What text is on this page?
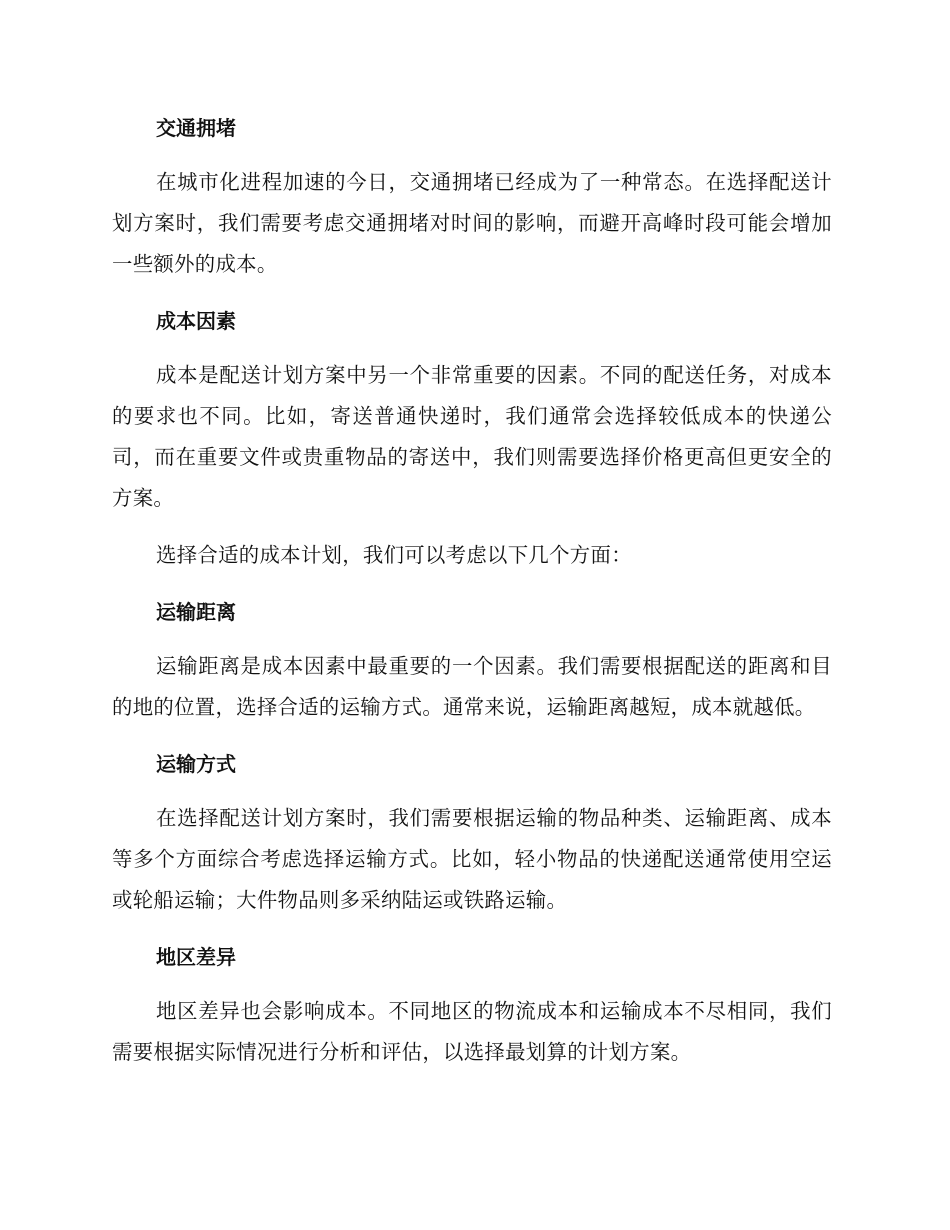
交通拥堵

在城市化进程加速的今日，交通拥堵已经成为了一种常态。在选择配送计划方案时，我们需要考虑交通拥堵对时间的影响，而避开高峰时段可能会增加一些额外的成本。

成本因素

成本是配送计划方案中另一个非常重要的因素。不同的配送任务，对成本的要求也不同。比如，寄送普通快递时，我们通常会选择较低成本的快递公司，而在重要文件或贵重物品的寄送中，我们则需要选择价格更高但更安全的方案。

选择合适的成本计划，我们可以考虑以下几个方面：

运输距离

运输距离是成本因素中最重要的一个因素。我们需要根据配送的距离和目的地的位置，选择合适的运输方式。通常来说，运输距离越短，成本就越低。

运输方式

在选择配送计划方案时，我们需要根据运输的物品种类、运输距离、成本等多个方面综合考虑选择运输方式。比如，轻小物品的快递配送通常使用空运或轮船运输；大件物品则多采纳陆运或铁路运输。

地区差异

地区差异也会影响成本。不同地区的物流成本和运输成本不尽相同，我们需要根据实际情况进行分析和评估，以选择最划算的计划方案。
